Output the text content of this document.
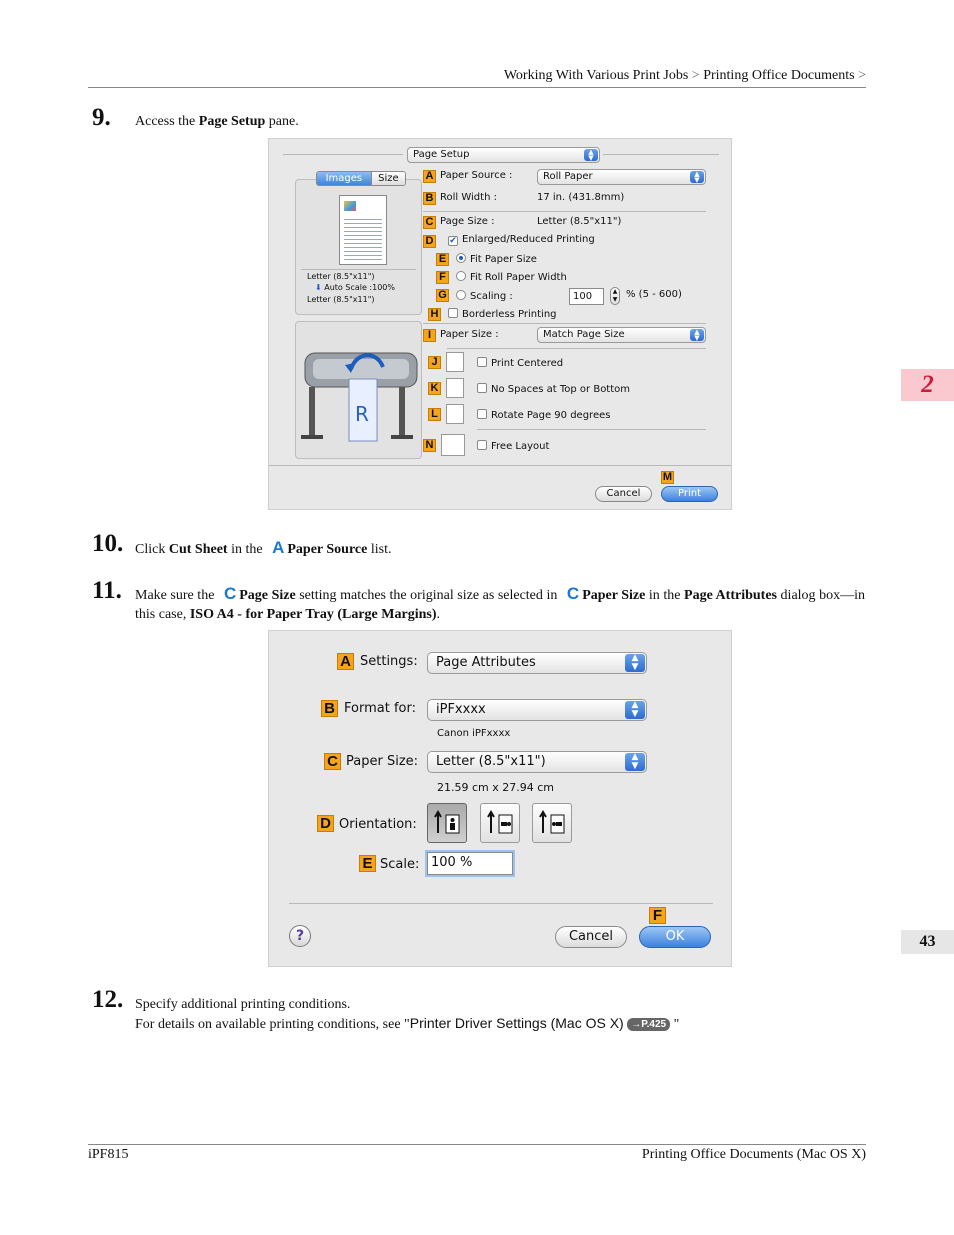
Working With Various Print Jobs > Printing Office Documents >
2
43
9. Access the Page Setup pane.
Page Setup	▲
▼
Images	Size
Letter (8.5"x11")
⬇ Auto Scale :100%
Letter (8.5"x11")
R
A Paper Source :	Roll Paper	▲
▼
B Roll Width :	17 in. (431.8mm)
C Page Size :	Letter (8.5"x11")
D ✔ Enlarged/Reduced Printing
E	Fit Paper Size
F	Fit Roll Paper Width
G	Scaling :	100	▲
▼ % (5 - 600)
H	Borderless Printing
I Paper Size :	Match Page Size	▲
▼
J	Print Centered
K	No Spaces at Top or Bottom
L	Rotate Page 90 degrees
N	Free Layout
M
Cancel	Print
10. Click Cut Sheet in the A Paper Source list.
11. Make sure the C Page Size setting matches the original size as selected in C Paper Size in the Page Attributes dialog box—in this case, ISO A4 - for Paper Tray (Large Margins).
A Settings:	Page Attributes	▲
▼
B Format for:	iPFxxxx	▲
▼
Canon iPFxxxx
C Paper Size:	Letter (8.5"x11")	▲
▼
21.59 cm x 27.94 cm
D Orientation:
E Scale: 100 %
F
?	Cancel	OK
12. Specify additional printing conditions.
For details on available printing conditions, see "Printer Driver Settings (Mac OS X) →P.425 "
iPF815	Printing Office Documents (Mac OS X)
